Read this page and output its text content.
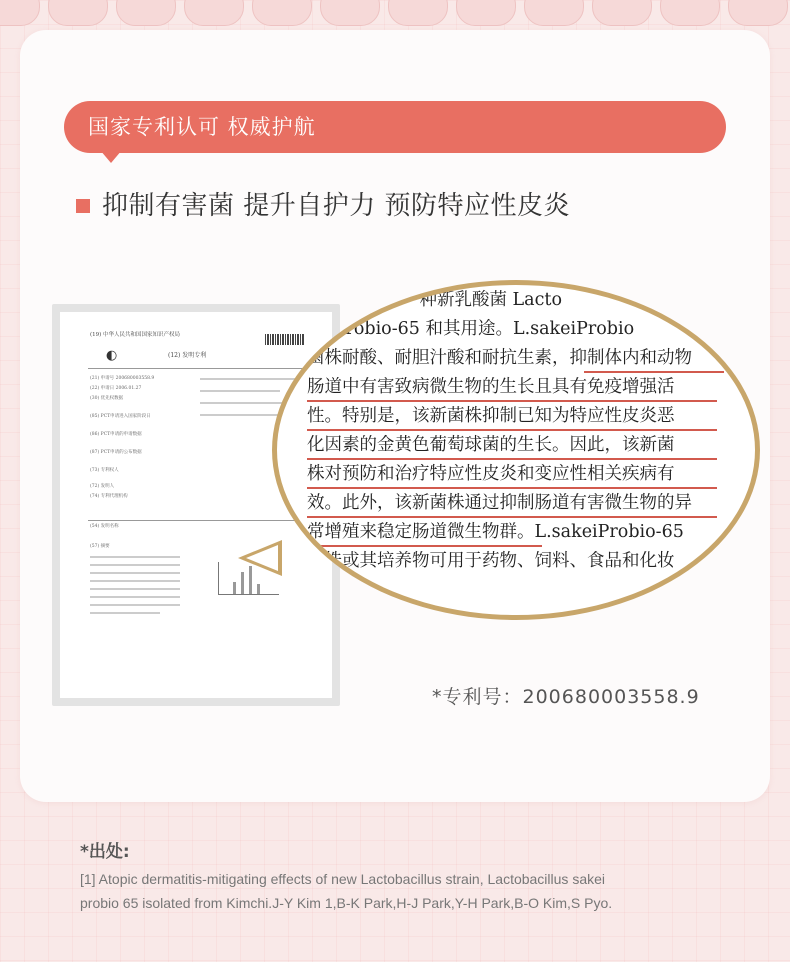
国家专利认可 权威护航
抑制有害菌 提升自护力 预防特应性皮炎
(19) 中华人民共和国国家知识产权局
◐	(12) 发明专利
(21) 申请号 200680003558.9
(22) 申请日 2006.01.27
(30) 优先权数据
(85) PCT申请进入国家阶段日
(86) PCT申请的申请数据
(87) PCT申请的公布数据
(73) 专利权人
(72) 发明人
(74) 专利代理机构
(54) 发明名称
(57) 摘要
开了一种新乳酸菌 Lacto
1 Probio-65 和其用途。L.sakeiProbio
菌株耐酸、耐胆汁酸和耐抗生素，抑制体内和动物
肠道中有害致病微生物的生长且具有免疫增强活
性。特别是，该新菌株抑制已知为特应性皮炎恶
化因素的金黄色葡萄球菌的生长。因此，该新菌
株对预防和治疗特应性皮炎和变应性相关疾病有
效。此外，该新菌株通过抑制肠道有害微生物的异
常增殖来稳定肠道微生物群。L.sakeiProbio-65
菌株或其培养物可用于药物、饲料、食品和化妆
B
*专利号：200680003558.9
*出处:
[1] Atopic dermatitis-mitigating effects of new Lactobacillus strain, Lactobacillus sakei
probio 65 isolated from Kimchi.J-Y Kim 1,B-K Park,H-J Park,Y-H Park,B-O Kim,S Pyo.
